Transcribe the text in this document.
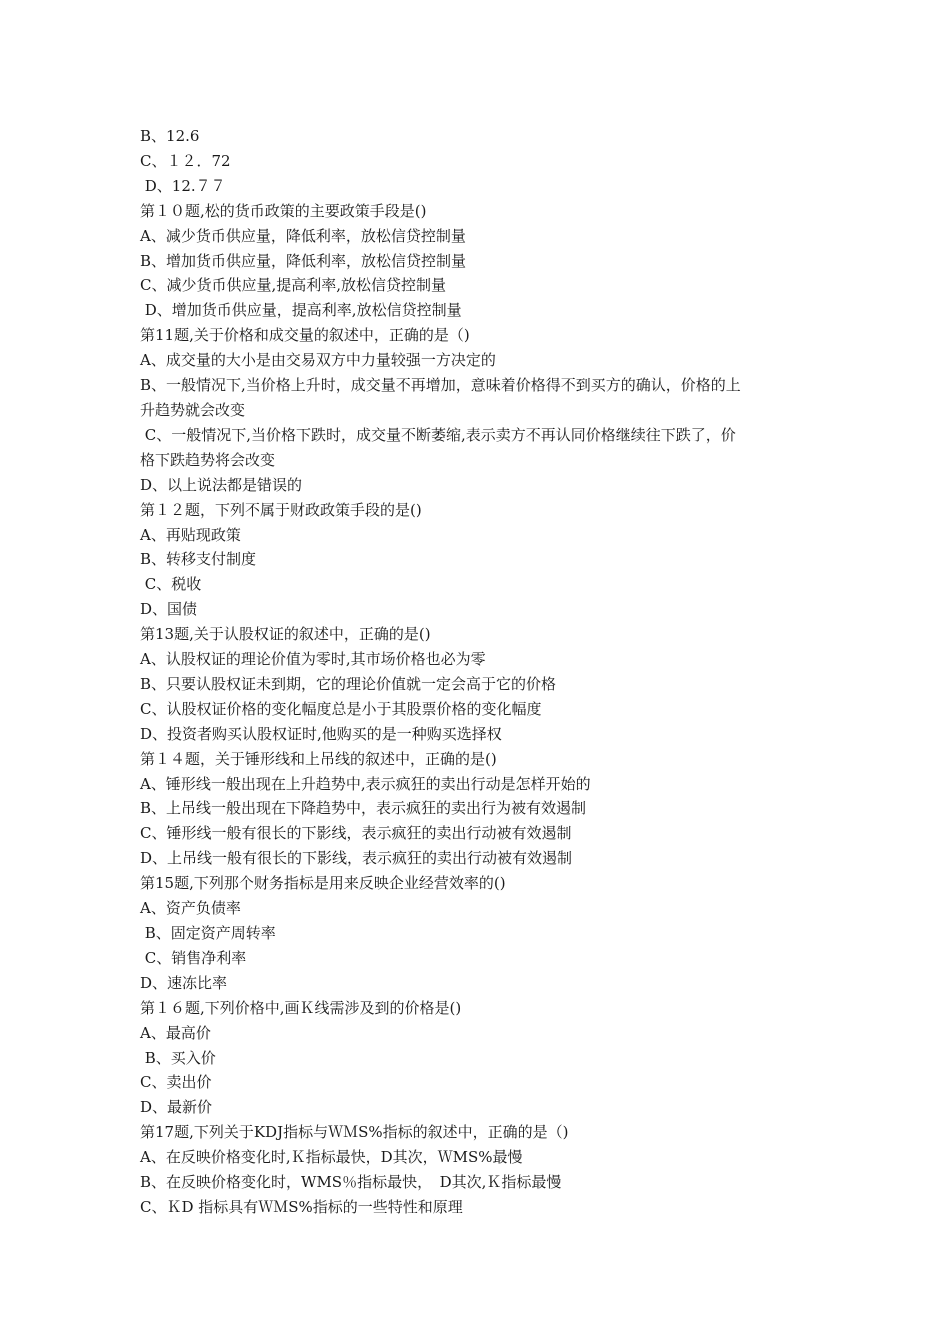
B、12.6

C、１２．72

D、12.７７

第１０题,松的货币政策的主要政策手段是()

A、减少货币供应量，降低利率，放松信贷控制量

B、增加货币供应量，降低利率，放松信贷控制量

C、减少货币供应量,提高利率,放松信贷控制量

D、增加货币供应量，提高利率,放松信贷控制量

第11题,关于价格和成交量的叙述中，正确的是（)

A、成交量的大小是由交易双方中力量较强一方决定的

B、一般情况下,当价格上升时，成交量不再增加，意味着价格得不到买方的确认，价格的上

升趋势就会改变

C、一般情况下,当价格下跌时，成交量不断萎缩,表示卖方不再认同价格继续往下跌了，价

格下跌趋势将会改变

D、以上说法都是错误的

第１２题，下列不属于财政政策手段的是()

A、再贴现政策

B、转移支付制度

C、税收

D、国债

第13题,关于认股权证的叙述中，正确的是()

A、认股权证的理论价值为零时,其市场价格也必为零

B、只要认股权证未到期，它的理论价值就一定会高于它的价格

C、认股权证价格的变化幅度总是小于其股票价格的变化幅度

D、投资者购买认股权证时,他购买的是一种购买选择权

第１４题，关于锤形线和上吊线的叙述中，正确的是()

A、锤形线一般出现在上升趋势中,表示疯狂的卖出行动是怎样开始的

B、上吊线一般出现在下降趋势中，表示疯狂的卖出行为被有效遏制

C、锤形线一般有很长的下影线，表示疯狂的卖出行动被有效遏制

D、上吊线一般有很长的下影线，表示疯狂的卖出行动被有效遏制

第15题,下列那个财务指标是用来反映企业经营效率的()

A、资产负债率

B、固定资产周转率

C、销售净利率

D、速冻比率

第１６题,下列价格中,画Ｋ线需涉及到的价格是()

A、最高价

B、买入价

C、卖出价

D、最新价

第17题,下列关于KDJ指标与ＷＭS%指标的叙述中，正确的是（)

A、在反映价格变化时,Ｋ指标最快，D其次，ＷMS%最慢

B、在反映价格变化时，WMS％指标最快，　D其次,Ｋ指标最慢

C、ＫD 指标具有ＷＭS%指标的一些特性和原理
